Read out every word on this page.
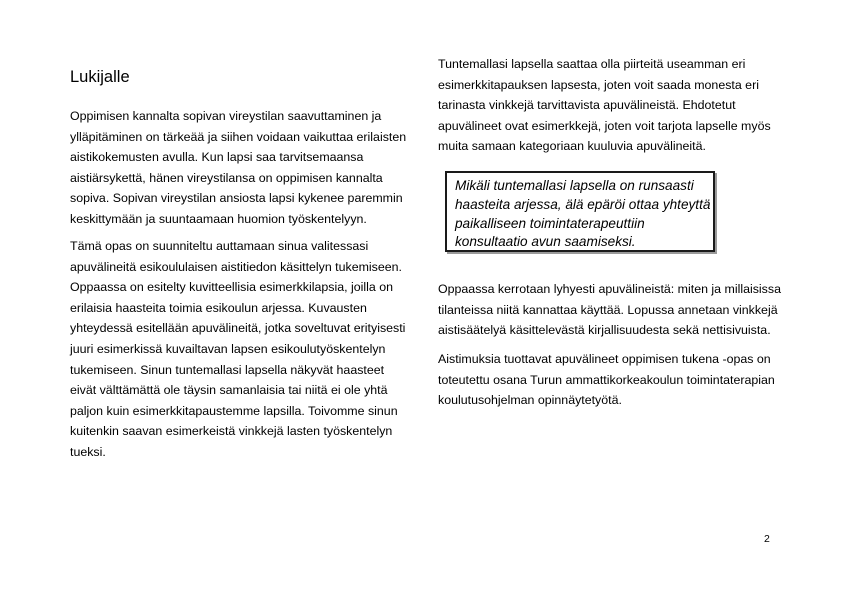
Lukijalle

Oppimisen kannalta sopivan vireystilan saavuttaminen ja
ylläpitäminen on tärkeää ja siihen voidaan vaikuttaa erilaisten
aistikokemusten avulla. Kun lapsi saa tarvitsemaansa
aistiärsykettä, hänen vireystilansa on oppimisen kannalta
sopiva. Sopivan vireystilan ansiosta lapsi kykenee paremmin
keskittymään ja suuntaamaan huomion työskentelyyn.

Tämä opas on suunniteltu auttamaan sinua valitessasi
apuvälineitä esikoululaisen aistitiedon käsittelyn tukemiseen.
Oppaassa on esitelty kuvitteellisia esimerkkilapsia, joilla on
erilaisia haasteita toimia esikoulun arjessa. Kuvausten
yhteydessä esitellään apuvälineitä, jotka soveltuvat erityisesti
juuri esimerkissä kuvailtavan lapsen esikoulutyöskentelyn
tukemiseen. Sinun tuntemallasi lapsella näkyvät haasteet
eivät välttämättä ole täysin samanlaisia tai niitä ei ole yhtä
paljon kuin esimerkkitapaustemme lapsilla. Toivomme sinun
kuitenkin saavan esimerkeistä vinkkejä lasten työskentelyn
tueksi.

Tuntemallasi lapsella saattaa olla piirteitä useamman eri
esimerkkitapauksen lapsesta, joten voit saada monesta eri
tarinasta vinkkejä tarvittavista apuvälineistä. Ehdotetut
apuvälineet ovat esimerkkejä, joten voit tarjota lapselle myös
muita samaan kategoriaan kuuluvia apuvälineitä.

Mikäli tuntemallasi lapsella on runsaasti
haasteita arjessa, älä epäröi ottaa yhteyttä
paikalliseen toimintaterapeuttiin
konsultaatio avun saamiseksi.

Oppaassa kerrotaan lyhyesti apuvälineistä: miten ja millaisissa
tilanteissa niitä kannattaa käyttää. Lopussa annetaan vinkkejä
aistisäätelyä käsittelevästä kirjallisuudesta sekä nettisivuista.

Aistimuksia tuottavat apuvälineet oppimisen tukena -opas on
toteutettu osana Turun ammattikorkeakoulun toimintaterapian
koulutusohjelman opinnäytetyötä.

2
